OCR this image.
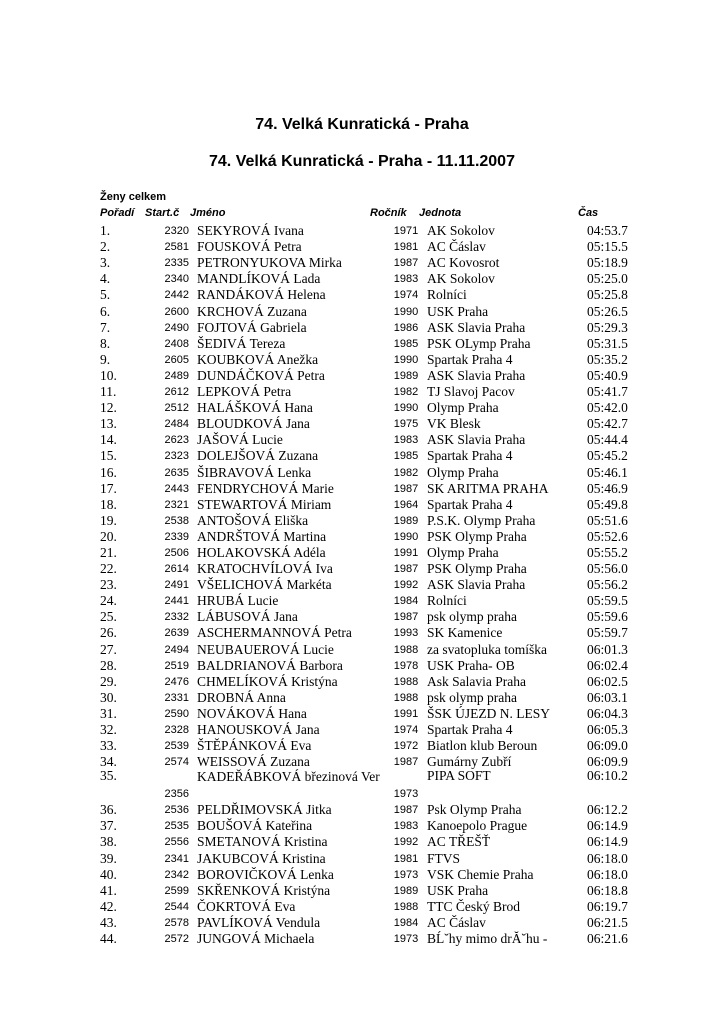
74. Velká Kunratická - Praha
74. Velká Kunratická - Praha - 11.11.2007
Ženy celkem
Pořadí Start.č Jméno	Ročník Jednota	Čas
1.	2320	SEKYROVÁ Ivana	1971	AK Sokolov	04:53.7
2.	2581	FOUSKOVÁ Petra	1981	AC Čáslav	05:15.5
3.	2335	PETRONYUKOVA Mirka	1987	AC Kovosrot	05:18.9
4.	2340	MANDLÍKOVÁ Lada	1983	AK Sokolov	05:25.0
5.	2442	RANDÁKOVÁ Helena	1974	Rolníci	05:25.8
6.	2600	KRCHOVÁ Zuzana	1990	USK Praha	05:26.5
7.	2490	FOJTOVÁ Gabriela	1986	ASK Slavia Praha	05:29.3
8.	2408	ŠEDIVÁ Tereza	1985	PSK OLymp Praha	05:31.5
9.	2605	KOUBKOVÁ Anežka	1990	Spartak Praha 4	05:35.2
10.	2489	DUNDÁČKOVÁ Petra	1989	ASK Slavia Praha	05:40.9
11.	2612	LEPKOVÁ Petra	1982	TJ Slavoj Pacov	05:41.7
12.	2512	HALÁŠKOVÁ Hana	1990	Olymp Praha	05:42.0
13.	2484	BLOUDKOVÁ Jana	1975	VK Blesk	05:42.7
14.	2623	JAŠOVÁ Lucie	1983	ASK Slavia Praha	05:44.4
15.	2323	DOLEJŠOVÁ Zuzana	1985	Spartak Praha 4	05:45.2
16.	2635	ŠIBRAVOVÁ Lenka	1982	Olymp Praha	05:46.1
17.	2443	FENDRYCHOVÁ Marie	1987	SK ARITMA PRAHA	05:46.9
18.	2321	STEWARTOVÁ Miriam	1964	Spartak Praha 4	05:49.8
19.	2538	ANTOŠOVÁ Eliška	1989	P.S.K. Olymp Praha	05:51.6
20.	2339	ANDRŠTOVÁ Martina	1990	PSK Olymp Praha	05:52.6
21.	2506	HOLAKOVSKÁ Adéla	1991	Olymp Praha	05:55.2
22.	2614	KRATOCHVÍLOVÁ Iva	1987	PSK Olymp Praha	05:56.0
23.	2491	VŠELICHOVÁ Markéta	1992	ASK Slavia Praha	05:56.2
24.	2441	HRUBÁ Lucie	1984	Rolníci	05:59.5
25.	2332	LÁBUSOVÁ Jana	1987	psk olymp praha	05:59.6
26.	2639	ASCHERMANNOVÁ Petra	1993	SK Kamenice	05:59.7
27.	2494	NEUBAUEROVÁ Lucie	1988	za svatopluka tomíška	06:01.3
28.	2519	BALDRIANOVÁ Barbora	1978	USK Praha- OB	06:02.4
29.	2476	CHMELÍKOVÁ Kristýna	1988	Ask Salavia Praha	06:02.5
30.	2331	DROBNÁ Anna	1988	psk olymp praha	06:03.1
31.	2590	NOVÁKOVÁ Hana	1991	ŠSK ÚJEZD N. LESY	06:04.3
32.	2328	HANOUSKOVÁ Jana	1974	Spartak Praha 4	06:05.3
33.	2539	ŠTĚPÁNKOVÁ Eva	1972	Biatlon klub Beroun	06:09.0
34.	2574	WEISSOVÁ Zuzana	1987	Gumárny Zubří	06:09.9
35.	2356	KADEŘÁBKOVÁ březinová Ver	1973	PIPA SOFT	06:10.2
36.	2536	PELDŘIMOVSKÁ Jitka	1987	Psk Olymp Praha	06:12.2
37.	2535	BOUŠOVÁ Kateřina	1983	Kanoepolo Prague	06:14.9
38.	2556	SMETANOVÁ Kristina	1992	AC TŘEŠŤ	06:14.9
39.	2341	JAKUBCOVÁ Kristina	1981	FTVS	06:18.0
40.	2342	BOROVIČKOVÁ Lenka	1973	VSK Chemie Praha	06:18.0
41.	2599	SKŘENKOVÁ Kristýna	1989	USK Praha	06:18.8
42.	2544	ČOKRTOVÁ Eva	1988	TTC Český Brod	06:19.7
43.	2578	PAVLÍKOVÁ Vendula	1984	AC Čáslav	06:21.5
44.	2572	JUNGOVÁ Michaela	1973	BĹ˘hy mimo drĂ˘hu -	06:21.6
